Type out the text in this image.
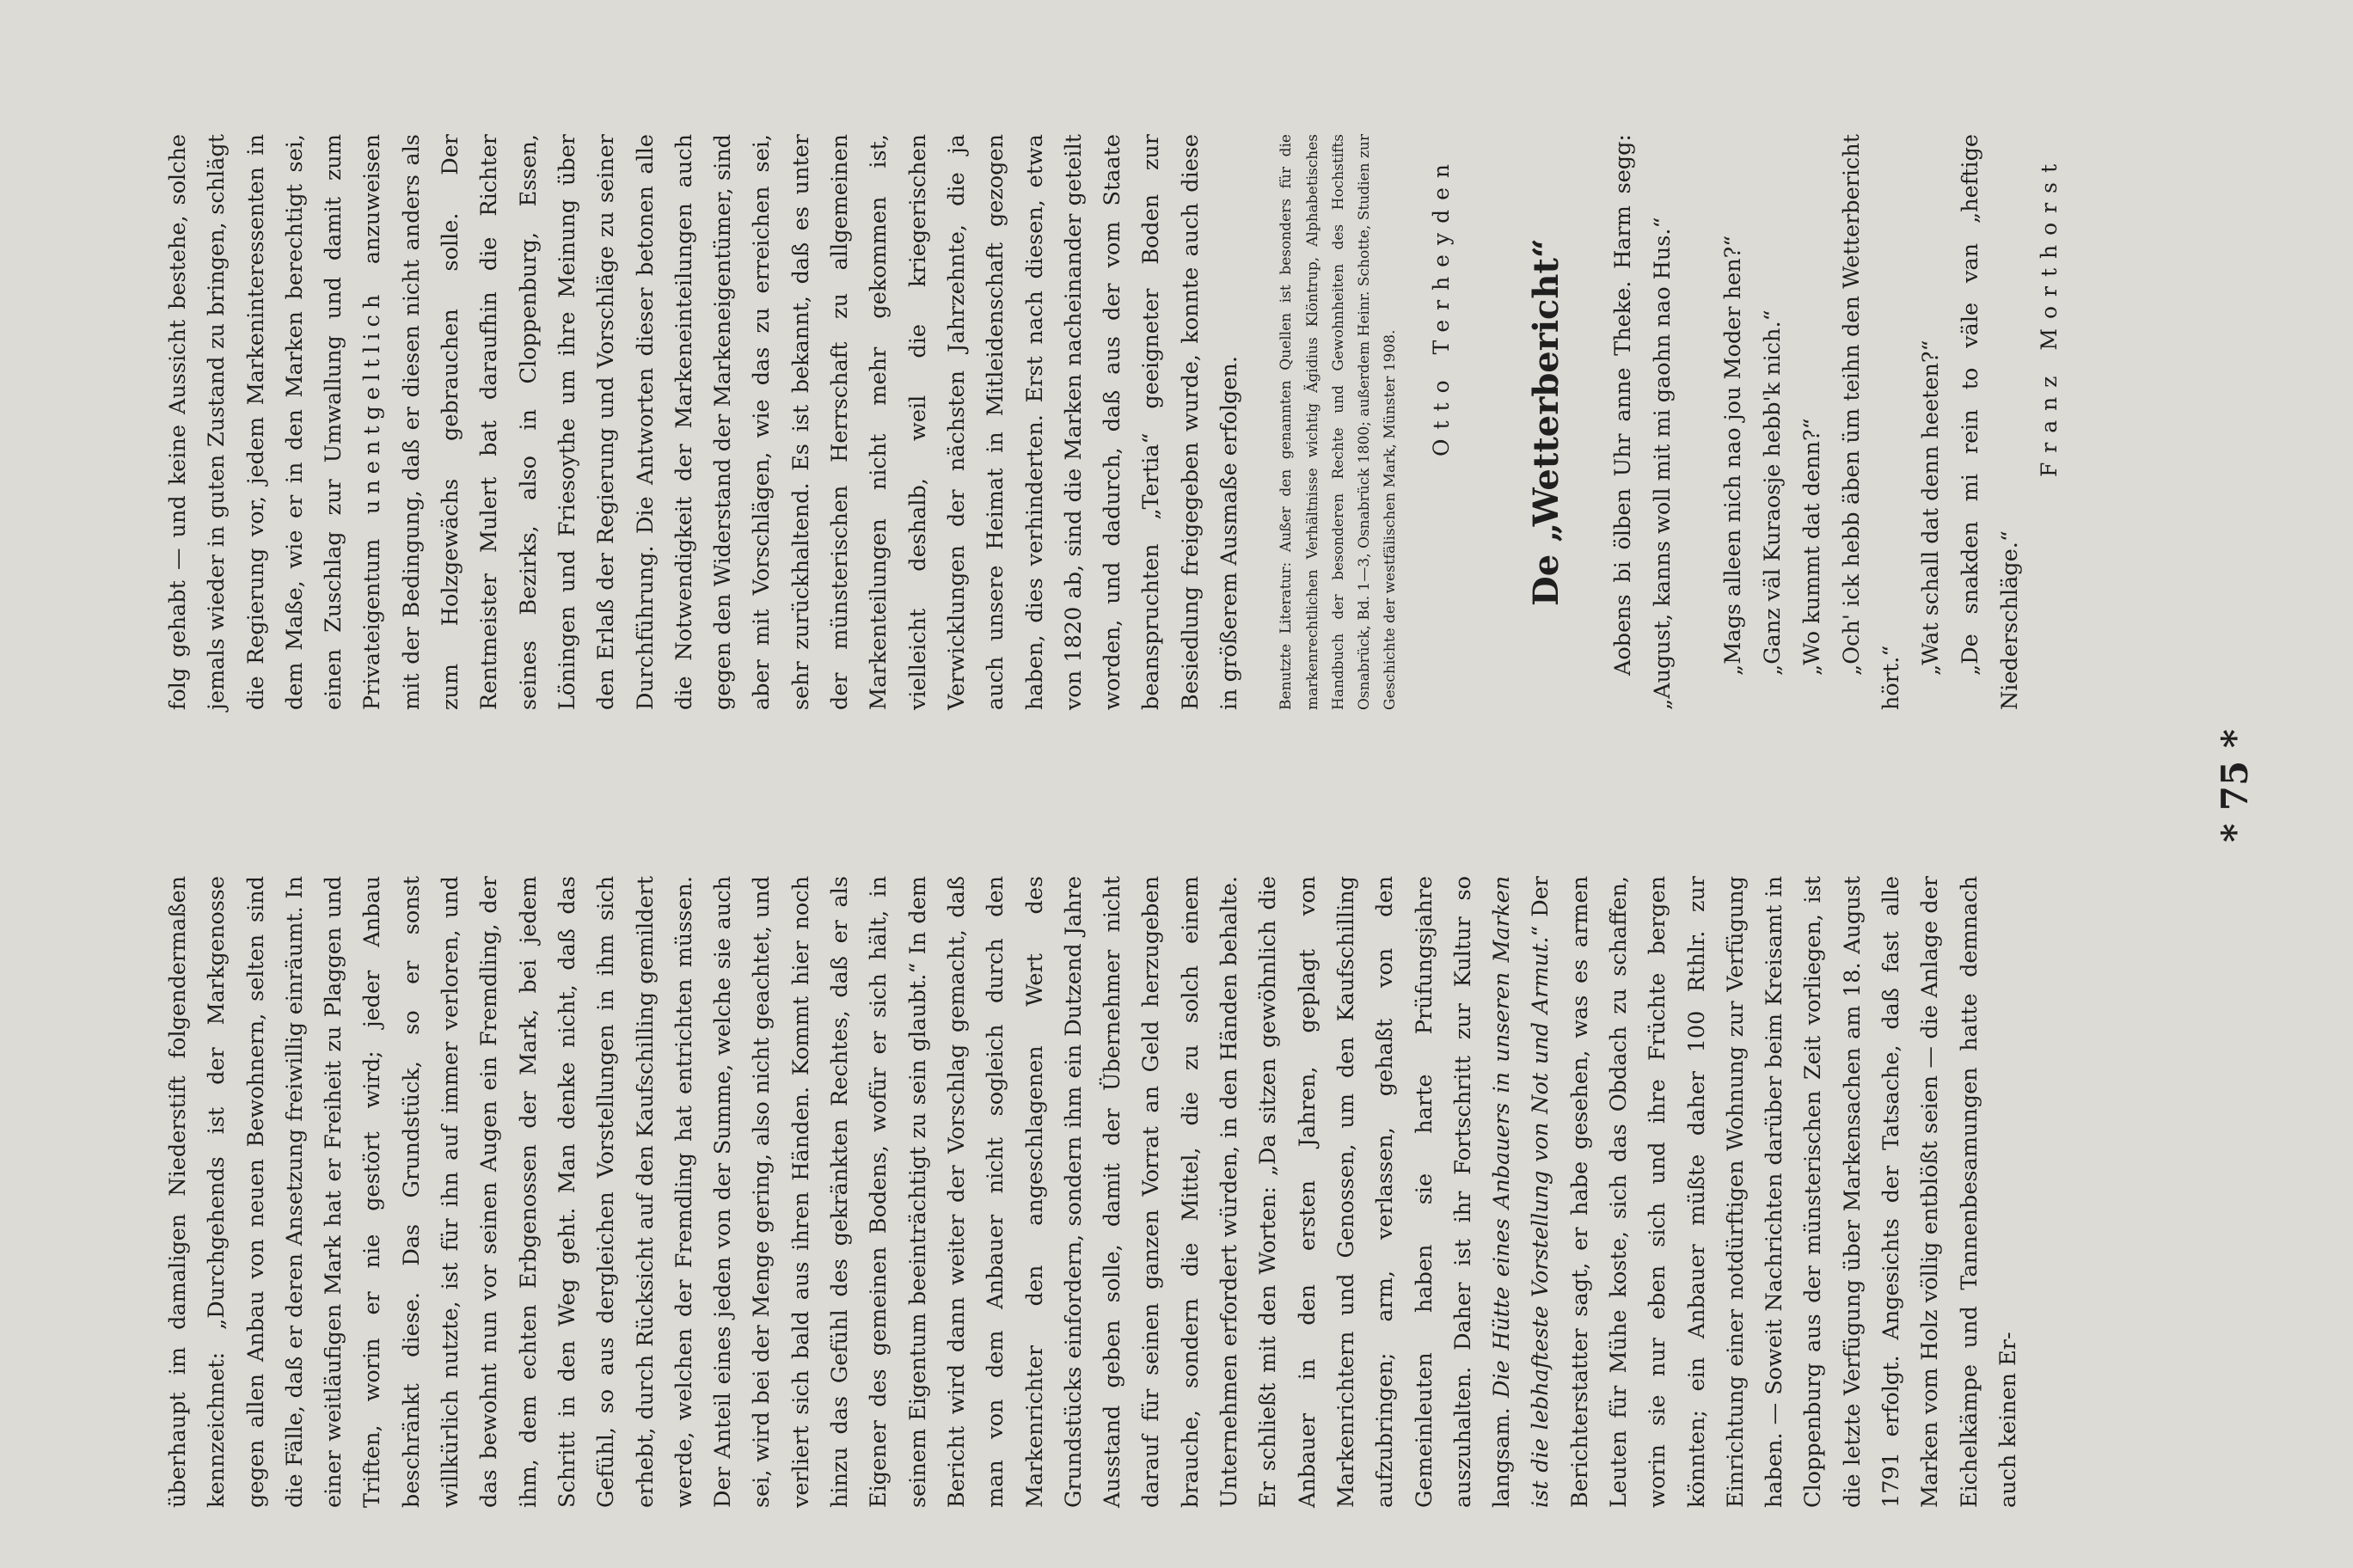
überhaupt im damaligen Niederstift folgendermaßen kennzeichnet: „Durchgehends ist der Markgenosse gegen allen Anbau von neuen Bewohnern, selten sind die Fälle, daß er deren Ansetzung freiwillig einräumt. In einer weitläufigen Mark hat er Freiheit zu Plaggen und Triften, worin er nie gestört wird; jeder Anbau beschränkt diese. Das Grundstück, so er sonst willkürlich nutzte, ist für ihn auf immer verloren, und das bewohnt nun vor seinen Augen ein Fremdling, der ihm, dem echten Erbgenossen der Mark, bei jedem Schritt in den Weg geht. Man denke nicht, daß das Gefühl, so aus dergleichen Vorstellungen in ihm sich erhebt, durch Rücksicht auf den Kaufschilling gemildert werde, welchen der Fremdling hat entrichten müssen. Der Anteil eines jeden von der Summe, welche sie auch sei, wird bei der Menge gering, also nicht geachtet, und verliert sich bald aus ihren Händen. Kommt hier noch hinzu das Gefühl des gekränkten Rechtes, daß er als Eigener des gemeinen Bodens, wofür er sich hält, in seinem Eigentum beeinträchtigt zu sein glaubt.“ In dem Bericht wird dann weiter der Vorschlag gemacht, daß man von dem Anbauer nicht sogleich durch den Markenrichter den angeschlagenen Wert des Grundstücks einfordern, sondern ihm ein Dutzend Jahre Ausstand geben solle, damit der Übernehmer nicht darauf für seinen ganzen Vorrat an Geld herzugeben brauche, sondern die Mittel, die zu solch einem Unternehmen erfordert würden, in den Händen behalte. Er schließt mit den Worten: „Da sitzen gewöhnlich die Anbauer in den ersten Jahren, geplagt von Markenrichtern und Genossen, um den Kaufschilling aufzubringen; arm, verlassen, gehaßt von den Gemeinleuten haben sie harte Prüfungsjahre auszuhalten. Daher ist ihr Fortschritt zur Kultur so langsam. Die Hütte eines Anbauers in unseren Marken ist die lebhafteste Vorstellung von Not und Armut.“ Der Berichterstatter sagt, er habe gesehen, was es armen Leuten für Mühe koste, sich das Obdach zu schaffen, worin sie nur eben sich und ihre Früchte bergen könnten; ein Anbauer müßte daher 100 Rthlr. zur Einrichtung einer notdürftigen Wohnung zur Verfügung haben. — Soweit Nachrichten darüber beim Kreisamt in Cloppenburg aus der münsterischen Zeit vorliegen, ist die letzte Verfügung über Markensachen am 18. August 1791 erfolgt. Angesichts der Tatsache, daß fast alle Marken vom Holz völlig entblößt seien — die Anlage der Eichelkämpe und Tannenbesamungen hatte demnach auch keinen Er-

folg gehabt — und keine Aussicht bestehe, solche jemals wieder in guten Zustand zu bringen, schlägt die Regierung vor, jedem Markeninteressenten in dem Maße, wie er in den Marken berechtigt sei, einen Zuschlag zur Umwallung und damit zum Privateigentum unentgeltlich anzuweisen mit der Bedingung, daß er diesen nicht anders als zum Holzgewächs gebrauchen solle. Der Rentmeister Mulert bat daraufhin die Richter seines Bezirks, also in Cloppenburg, Essen, Löningen und Friesoythe um ihre Meinung über den Erlaß der Regierung und Vorschläge zu seiner Durchführung. Die Antworten dieser betonen alle die Notwendigkeit der Markeneinteilungen auch gegen den Widerstand der Markeneigentümer, sind aber mit Vorschlägen, wie das zu erreichen sei, sehr zurückhaltend. Es ist bekannt, daß es unter der münsterischen Herrschaft zu allgemeinen Markenteilungen nicht mehr gekommen ist, vielleicht deshalb, weil die kriegerischen Verwicklungen der nächsten Jahrzehnte, die ja auch unsere Heimat in Mitleidenschaft gezogen haben, dies verhinderten. Erst nach diesen, etwa von 1820 ab, sind die Marken nacheinander geteilt worden, und dadurch, daß aus der vom Staate beanspruchten „Tertia“ geeigneter Boden zur Besiedlung freigegeben wurde, konnte auch diese in größerem Ausmaße erfolgen.	Benutzte Literatur: Außer den genannten Quellen ist besonders für die markenrechtlichen Verhältnisse wichtig Ägidius Klöntrup, Alphabetisches Handbuch der besonderen Rechte und Gewohnheiten des Hochstifts Osnabrück, Bd. 1—3, Osnabrück 1800; außerdem Heinr. Schotte, Studien zur Geschichte der westfälischen Mark, Münster 1908.

Otto Terheyden De „Wetterbericht“	Aobens bi ölben Uhr anne Theke. Harm segg: „August, kanns woll mit mi gaohn nao Hus.“	„Mags alleen nich nao jou Moder hen?“ „Ganz väl Kuraosje hebb'k nich.“ „Wo kummt dat denn?“ „Och' ick hebb äben üm teihn den Wetterbericht hört.“

„Wat schall dat denn heeten?“ „De snakden mi rein to väle van „heftige Niederschläge.“

Franz Morthorst

* 75 *
